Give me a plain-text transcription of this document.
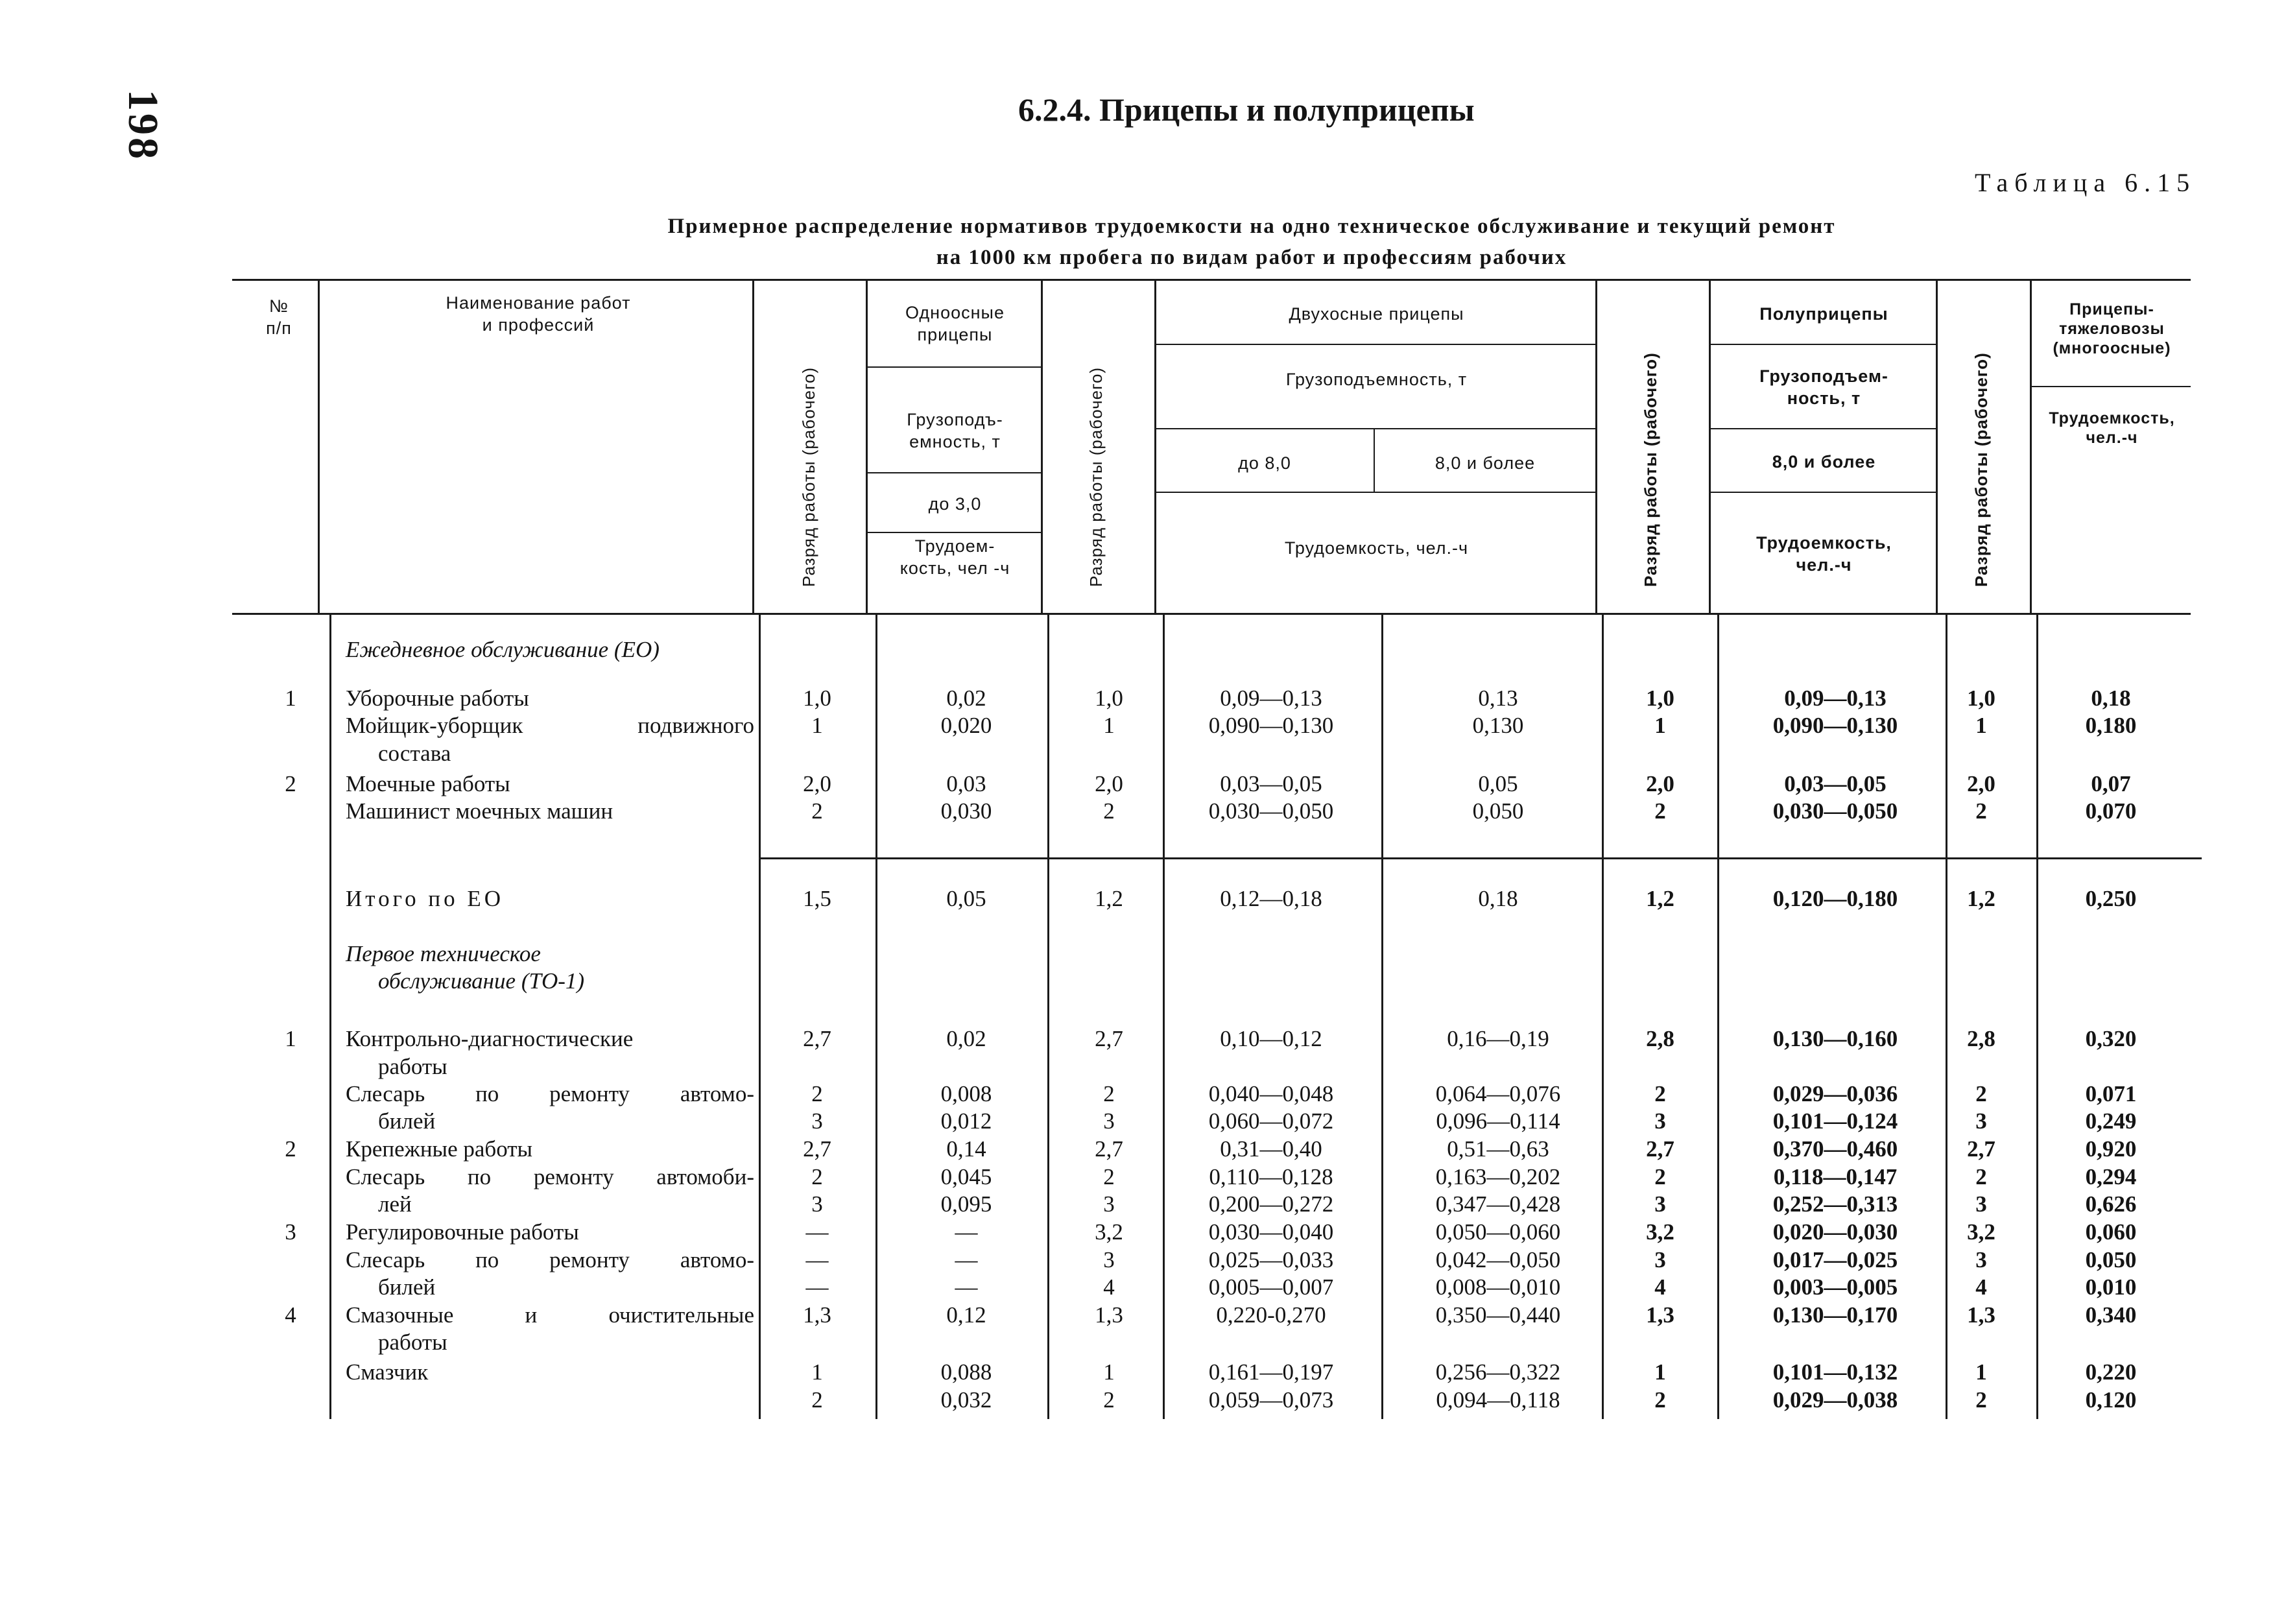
198	6.2.4. Прицепы и полуприцепы
Таблица 6.15
Примерное распределение нормативов трудоемкости на одно техническое обслуживание и текущий ремонт
на 1000 км пробега по видам работ и профессиям рабочих
№
п/п
Наименование работ
и профессий
Разряд работы (рабочего)
Одноосные
прицепы
Грузоподъ-
емность, т
до 3,0
Трудоем-
кость, чел -ч	Разряд работы (рабочего)
Двухосные прицепы
Грузоподъемность, т
до 8,0	8,0 и более
Трудоемкость, чел.-ч	Разряд работы (рабочего)
Полуприцепы
Грузоподъем-
ность, т
8,0 и более
Трудоемкость,
чел.-ч	Разряд работы (рабочего)
Прицепы-
тяжеловозы
(многоосные)
Трудоемкость,
чел.-ч
Ежедневное обслуживание (ЕО)
1	Уборочные работы	1,0	0,02	1,0	0,09—0,13	0,13	1,0	0,09—0,13	1,0	0,18
Мойщик-уборщик подвижного	1	0,020	1	0,090—0,130	0,130	1	0,090—0,130	1	0,180
состава
2	Моечные работы	2,0	0,03	2,0	0,03—0,05	0,05	2,0	0,03—0,05	2,0	0,07
Машинист моечных машин	2	0,030	2	0,030—0,050	0,050	2	0,030—0,050	2	0,070
Итого по ЕО	1,5	0,05	1,2	0,12—0,18	0,18	1,2	0,120—0,180	1,2	0,250
Первое техническое
обслуживание (ТО-1)
1	Контрольно-диагностические	2,7	0,02	2,7	0,10—0,12	0,16—0,19	2,8	0,130—0,160	2,8	0,320
работы
Слесарь по ремонту автомо-	2	0,008	2	0,040—0,048	0,064—0,076	2	0,029—0,036	2	0,071
билей	3	0,012	3	0,060—0,072	0,096—0,114	3	0,101—0,124	3	0,249
2	Крепежные работы	2,7	0,14	2,7	0,31—0,40	0,51—0,63	2,7	0,370—0,460	2,7	0,920
Слесарь по ремонту автомоби-	2	0,045	2	0,110—0,128	0,163—0,202	2	0,118—0,147	2	0,294
лей	3	0,095	3	0,200—0,272	0,347—0,428	3	0,252—0,313	3	0,626
3	Регулировочные работы	—	—	3,2	0,030—0,040	0,050—0,060	3,2	0,020—0,030	3,2	0,060
Слесарь по ремонту автомо-	—	—	3	0,025—0,033	0,042—0,050	3	0,017—0,025	3	0,050
билей	—	—	4	0,005—0,007	0,008—0,010	4	0,003—0,005	4	0,010
4	Смазочные и очистительные	1,3	0,12	1,3	0,220-0,270	0,350—0,440	1,3	0,130—0,170	1,3	0,340
работы
Смазчик	1	0,088	1	0,161—0,197	0,256—0,322	1	0,101—0,132	1	0,220
2	0,032	2	0,059—0,073	0,094—0,118	2	0,029—0,038	2	0,120
